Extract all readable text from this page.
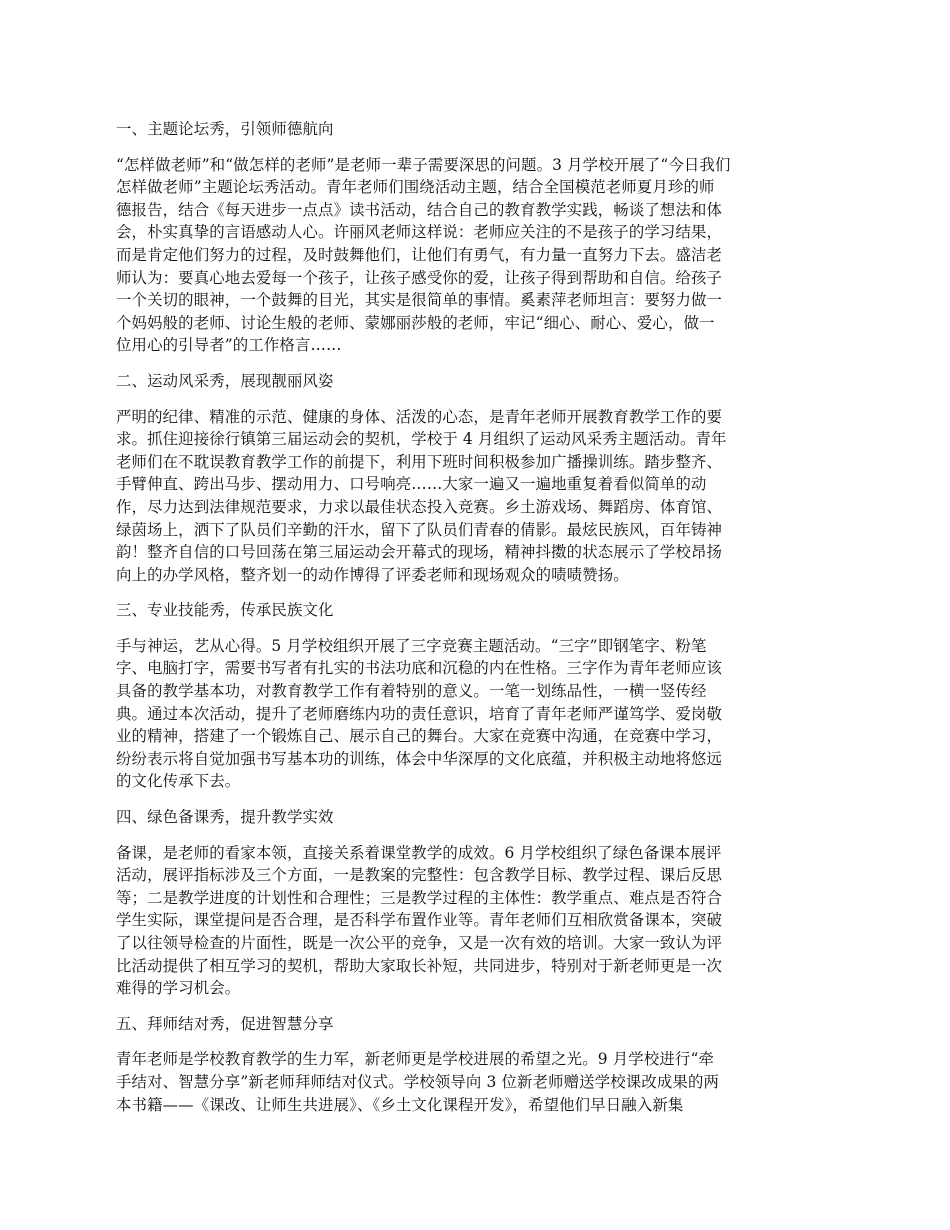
一、主题论坛秀，引领师德航向
“怎样做老师”和“做怎样的老师”是老师一辈子需要深思的问题。3 月学校开展了“今日我们
怎样做老师”主题论坛秀活动。青年老师们围绕活动主题，结合全国模范老师夏月珍的师
德报告，结合《每天进步一点点》读书活动，结合自己的教育教学实践，畅谈了想法和体
会，朴实真挚的言语感动人心。许丽风老师这样说：老师应关注的不是孩子的学习结果，
而是肯定他们努力的过程，及时鼓舞他们，让他们有勇气，有力量一直努力下去。盛洁老
师认为：要真心地去爱每一个孩子，让孩子感受你的爱，让孩子得到帮助和自信。给孩子
一个关切的眼神，一个鼓舞的目光，其实是很简单的事情。奚素萍老师坦言：要努力做一
个妈妈般的老师、讨论生般的老师、蒙娜丽莎般的老师，牢记“细心、耐心、爱心，做一
位用心的引导者”的工作格言……
二、运动风采秀，展现靓丽风姿
严明的纪律、精准的示范、健康的身体、活泼的心态，是青年老师开展教育教学工作的要
求。抓住迎接徐行镇第三届运动会的契机，学校于 4 月组织了运动风采秀主题活动。青年
老师们在不耽误教育教学工作的前提下，利用下班时间积极参加广播操训练。踏步整齐、
手臂伸直、跨出马步、摆动用力、口号响亮……大家一遍又一遍地重复着看似简单的动
作，尽力达到法律规范要求，力求以最佳状态投入竞赛。乡土游戏场、舞蹈房、体育馆、
绿茵场上，洒下了队员们辛勤的汗水，留下了队员们青春的倩影。最炫民族风，百年铸神
韵！整齐自信的口号回荡在第三届运动会开幕式的现场，精神抖擞的状态展示了学校昂扬
向上的办学风格，整齐划一的动作博得了评委老师和现场观众的啧啧赞扬。
三、专业技能秀，传承民族文化
手与神运，艺从心得。5 月学校组织开展了三字竞赛主题活动。“三字”即钢笔字、粉笔
字、电脑打字，需要书写者有扎实的书法功底和沉稳的内在性格。三字作为青年老师应该
具备的教学基本功，对教育教学工作有着特别的意义。一笔一划练品性，一横一竖传经
典。通过本次活动，提升了老师磨练内功的责任意识，培育了青年老师严谨笃学、爱岗敬
业的精神，搭建了一个锻炼自己、展示自己的舞台。大家在竞赛中沟通，在竞赛中学习，
纷纷表示将自觉加强书写基本功的训练，体会中华深厚的文化底蕴，并积极主动地将悠远
的文化传承下去。
四、绿色备课秀，提升教学实效
备课，是老师的看家本领，直接关系着课堂教学的成效。6 月学校组织了绿色备课本展评
活动，展评指标涉及三个方面，一是教案的完整性：包含教学目标、教学过程、课后反思
等；二是教学进度的计划性和合理性；三是教学过程的主体性：教学重点、难点是否符合
学生实际，课堂提问是否合理，是否科学布置作业等。青年老师们互相欣赏备课本，突破
了以往领导检查的片面性，既是一次公平的竞争，又是一次有效的培训。大家一致认为评
比活动提供了相互学习的契机，帮助大家取长补短，共同进步，特别对于新老师更是一次
难得的学习机会。
五、拜师结对秀，促进智慧分享
青年老师是学校教育教学的生力军，新老师更是学校进展的希望之光。9 月学校进行“牵
手结对、智慧分享”新老师拜师结对仪式。学校领导向 3 位新老师赠送学校课改成果的两
本书籍——《课改、让师生共进展》、《乡土文化课程开发》，希望他们早日融入新集
